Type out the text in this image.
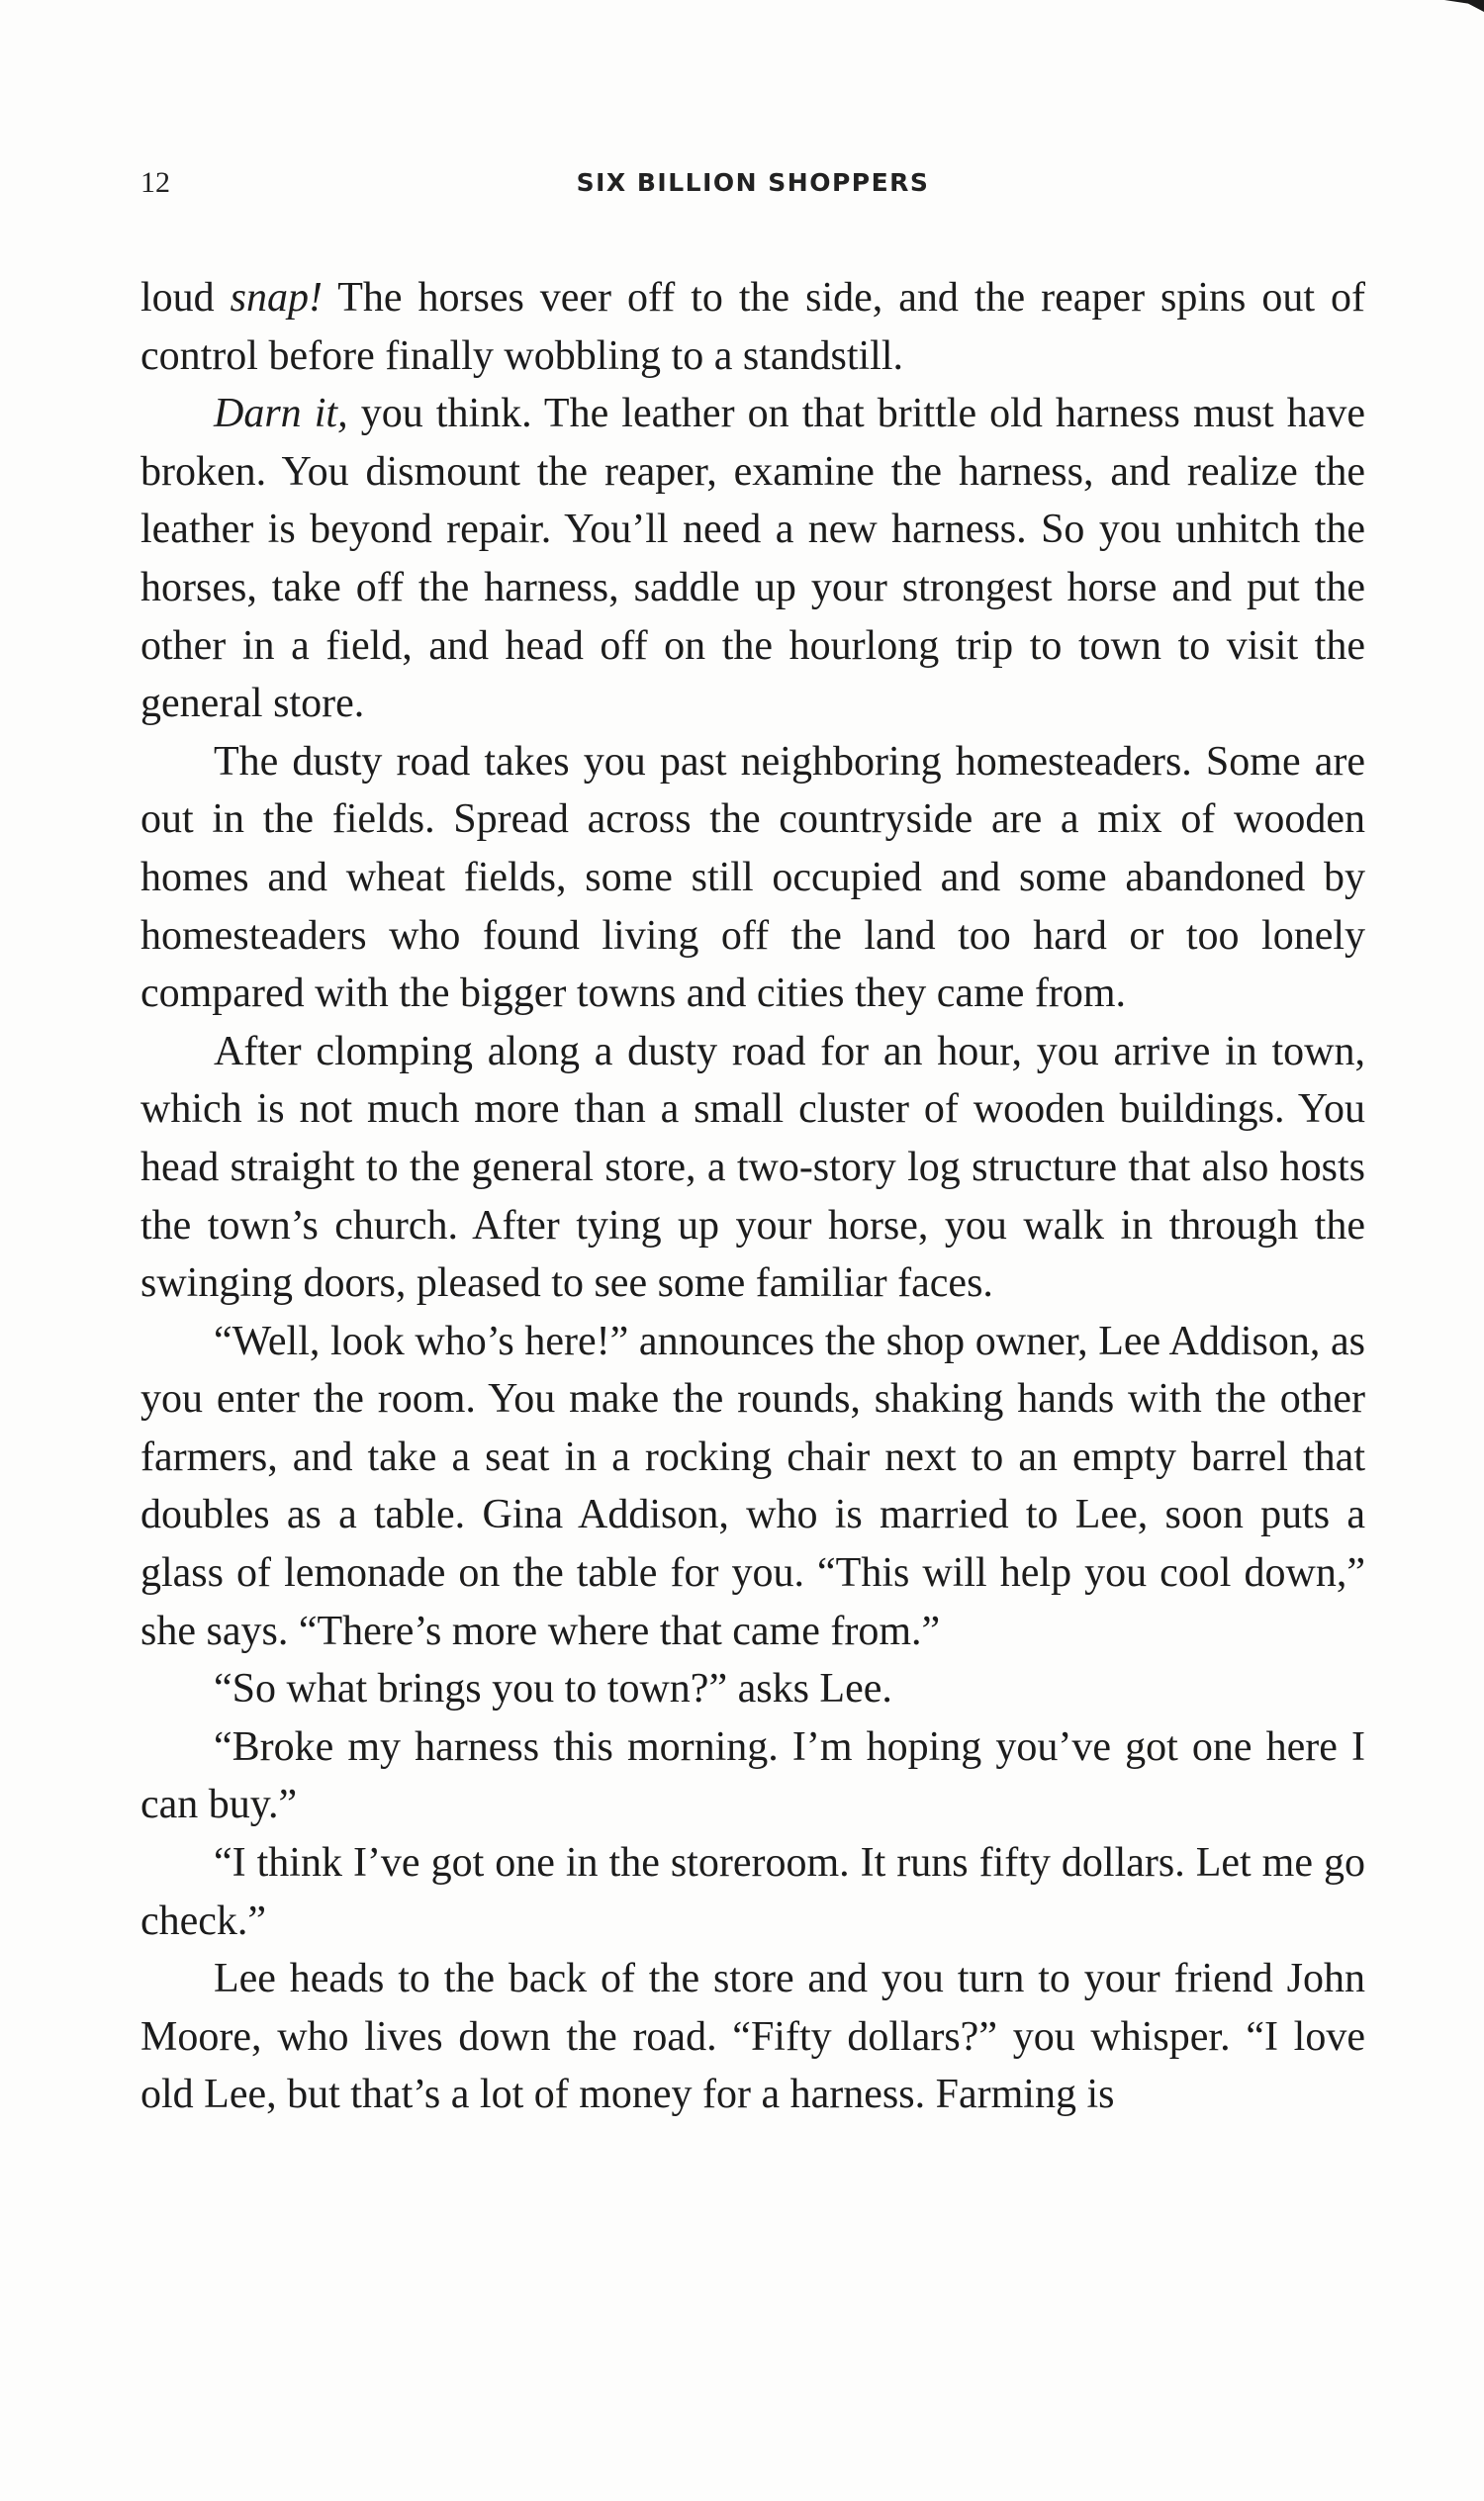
12	SIX BILLION SHOPPERS

loud snap! The horses veer off to the side, and the reaper spins out of control before finally wobbling to a standstill.

Darn it, you think. The leather on that brittle old harness must have broken. You dismount the reaper, examine the harness, and realize the leather is beyond repair. You’ll need a new harness. So you unhitch the horses, take off the harness, saddle up your strongest horse and put the other in a field, and head off on the hourlong trip to town to visit the general store.

The dusty road takes you past neighboring homesteaders. Some are out in the fields. Spread across the countryside are a mix of wooden homes and wheat fields, some still occupied and some abandoned by homesteaders who found living off the land too hard or too lonely compared with the bigger towns and cities they came from.

After clomping along a dusty road for an hour, you arrive in town, which is not much more than a small cluster of wooden buildings. You head straight to the general store, a two-story log structure that also hosts the town’s church. After tying up your horse, you walk in through the swinging doors, pleased to see some familiar faces.

“Well, look who’s here!” announces the shop owner, Lee Addison, as you enter the room. You make the rounds, shaking hands with the other farmers, and take a seat in a rocking chair next to an empty barrel that doubles as a table. Gina Addison, who is married to Lee, soon puts a glass of lemonade on the table for you. “This will help you cool down,” she says. “There’s more where that came from.”

“So what brings you to town?” asks Lee.

“Broke my harness this morning. I’m hoping you’ve got one here I can buy.”

“I think I’ve got one in the storeroom. It runs fifty dollars. Let me go check.”

Lee heads to the back of the store and you turn to your friend John Moore, who lives down the road. “Fifty dollars?” you whisper. “I love old Lee, but that’s a lot of money for a harness. Farming is
